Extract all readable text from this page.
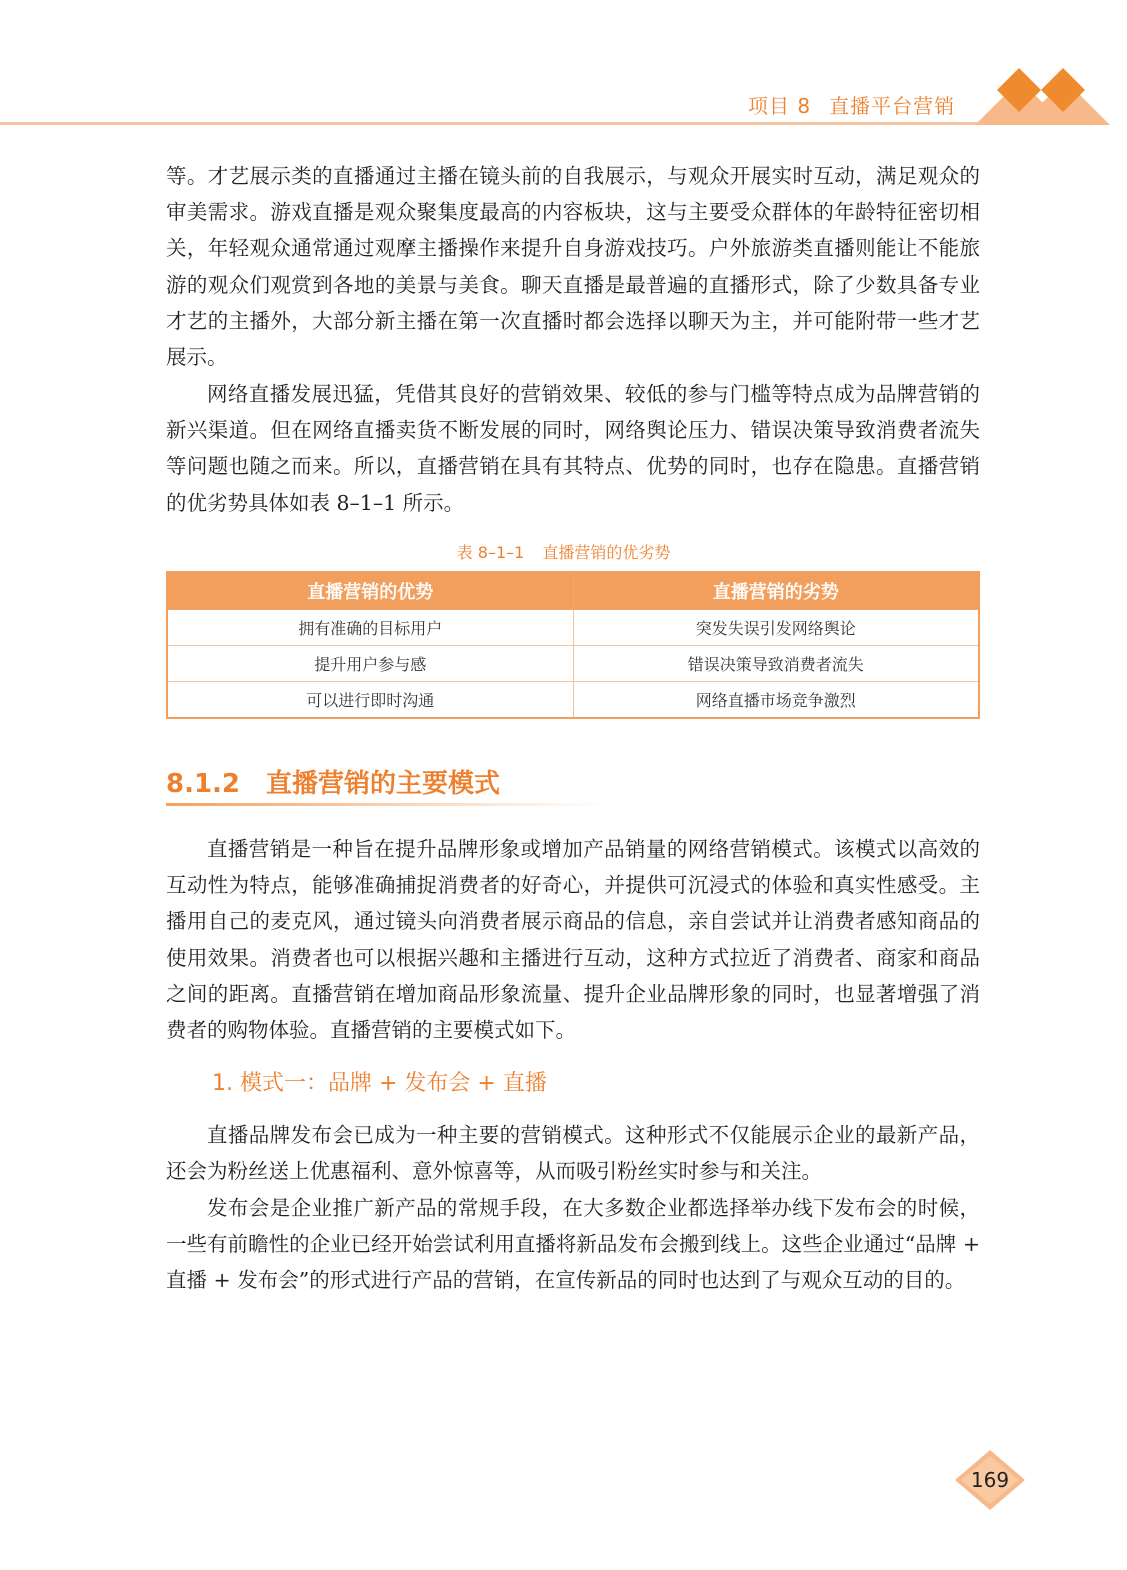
项目 8 直播平台营销

等。才艺展示类的直播通过主播在镜头前的自我展示，与观众开展实时互动，满足观众的审美需求。游戏直播是观众聚集度最高的内容板块，这与主要受众群体的年龄特征密切相关，年轻观众通常通过观摩主播操作来提升自身游戏技巧。户外旅游类直播则能让不能旅游的观众们观赏到各地的美景与美食。聊天直播是最普遍的直播形式，除了少数具备专业才艺的主播外，大部分新主播在第一次直播时都会选择以聊天为主，并可能附带一些才艺展示。

网络直播发展迅猛，凭借其良好的营销效果、较低的参与门槛等特点成为品牌营销的新兴渠道。但在网络直播卖货不断发展的同时，网络舆论压力、错误决策导致消费者流失等问题也随之而来。所以，直播营销在具有其特点、优势的同时，也存在隐患。直播营销的优劣势具体如表 8–1–1 所示。

表 8–1–1 直播营销的优劣势
直播营销的优势	直播营销的劣势
拥有准确的目标用户	突发失误引发网络舆论
提升用户参与感	错误决策导致消费者流失
可以进行即时沟通	网络直播市场竞争激烈
8.1.2 直播营销的主要模式

直播营销是一种旨在提升品牌形象或增加产品销量的网络营销模式。该模式以高效的互动性为特点，能够准确捕捉消费者的好奇心，并提供可沉浸式的体验和真实性感受。主播用自己的麦克风，通过镜头向消费者展示商品的信息，亲自尝试并让消费者感知商品的使用效果。消费者也可以根据兴趣和主播进行互动，这种方式拉近了消费者、商家和商品之间的距离。直播营销在增加商品形象流量、提升企业品牌形象的同时，也显著增强了消费者的购物体验。直播营销的主要模式如下。

1. 模式一：品牌 + 发布会 + 直播

直播品牌发布会已成为一种主要的营销模式。这种形式不仅能展示企业的最新产品，还会为粉丝送上优惠福利、意外惊喜等，从而吸引粉丝实时参与和关注。

发布会是企业推广新产品的常规手段，在大多数企业都选择举办线下发布会的时候，一些有前瞻性的企业已经开始尝试利用直播将新品发布会搬到线上。这些企业通过“品牌 + 直播 + 发布会”的形式进行产品的营销，在宣传新品的同时也达到了与观众互动的目的。

169
